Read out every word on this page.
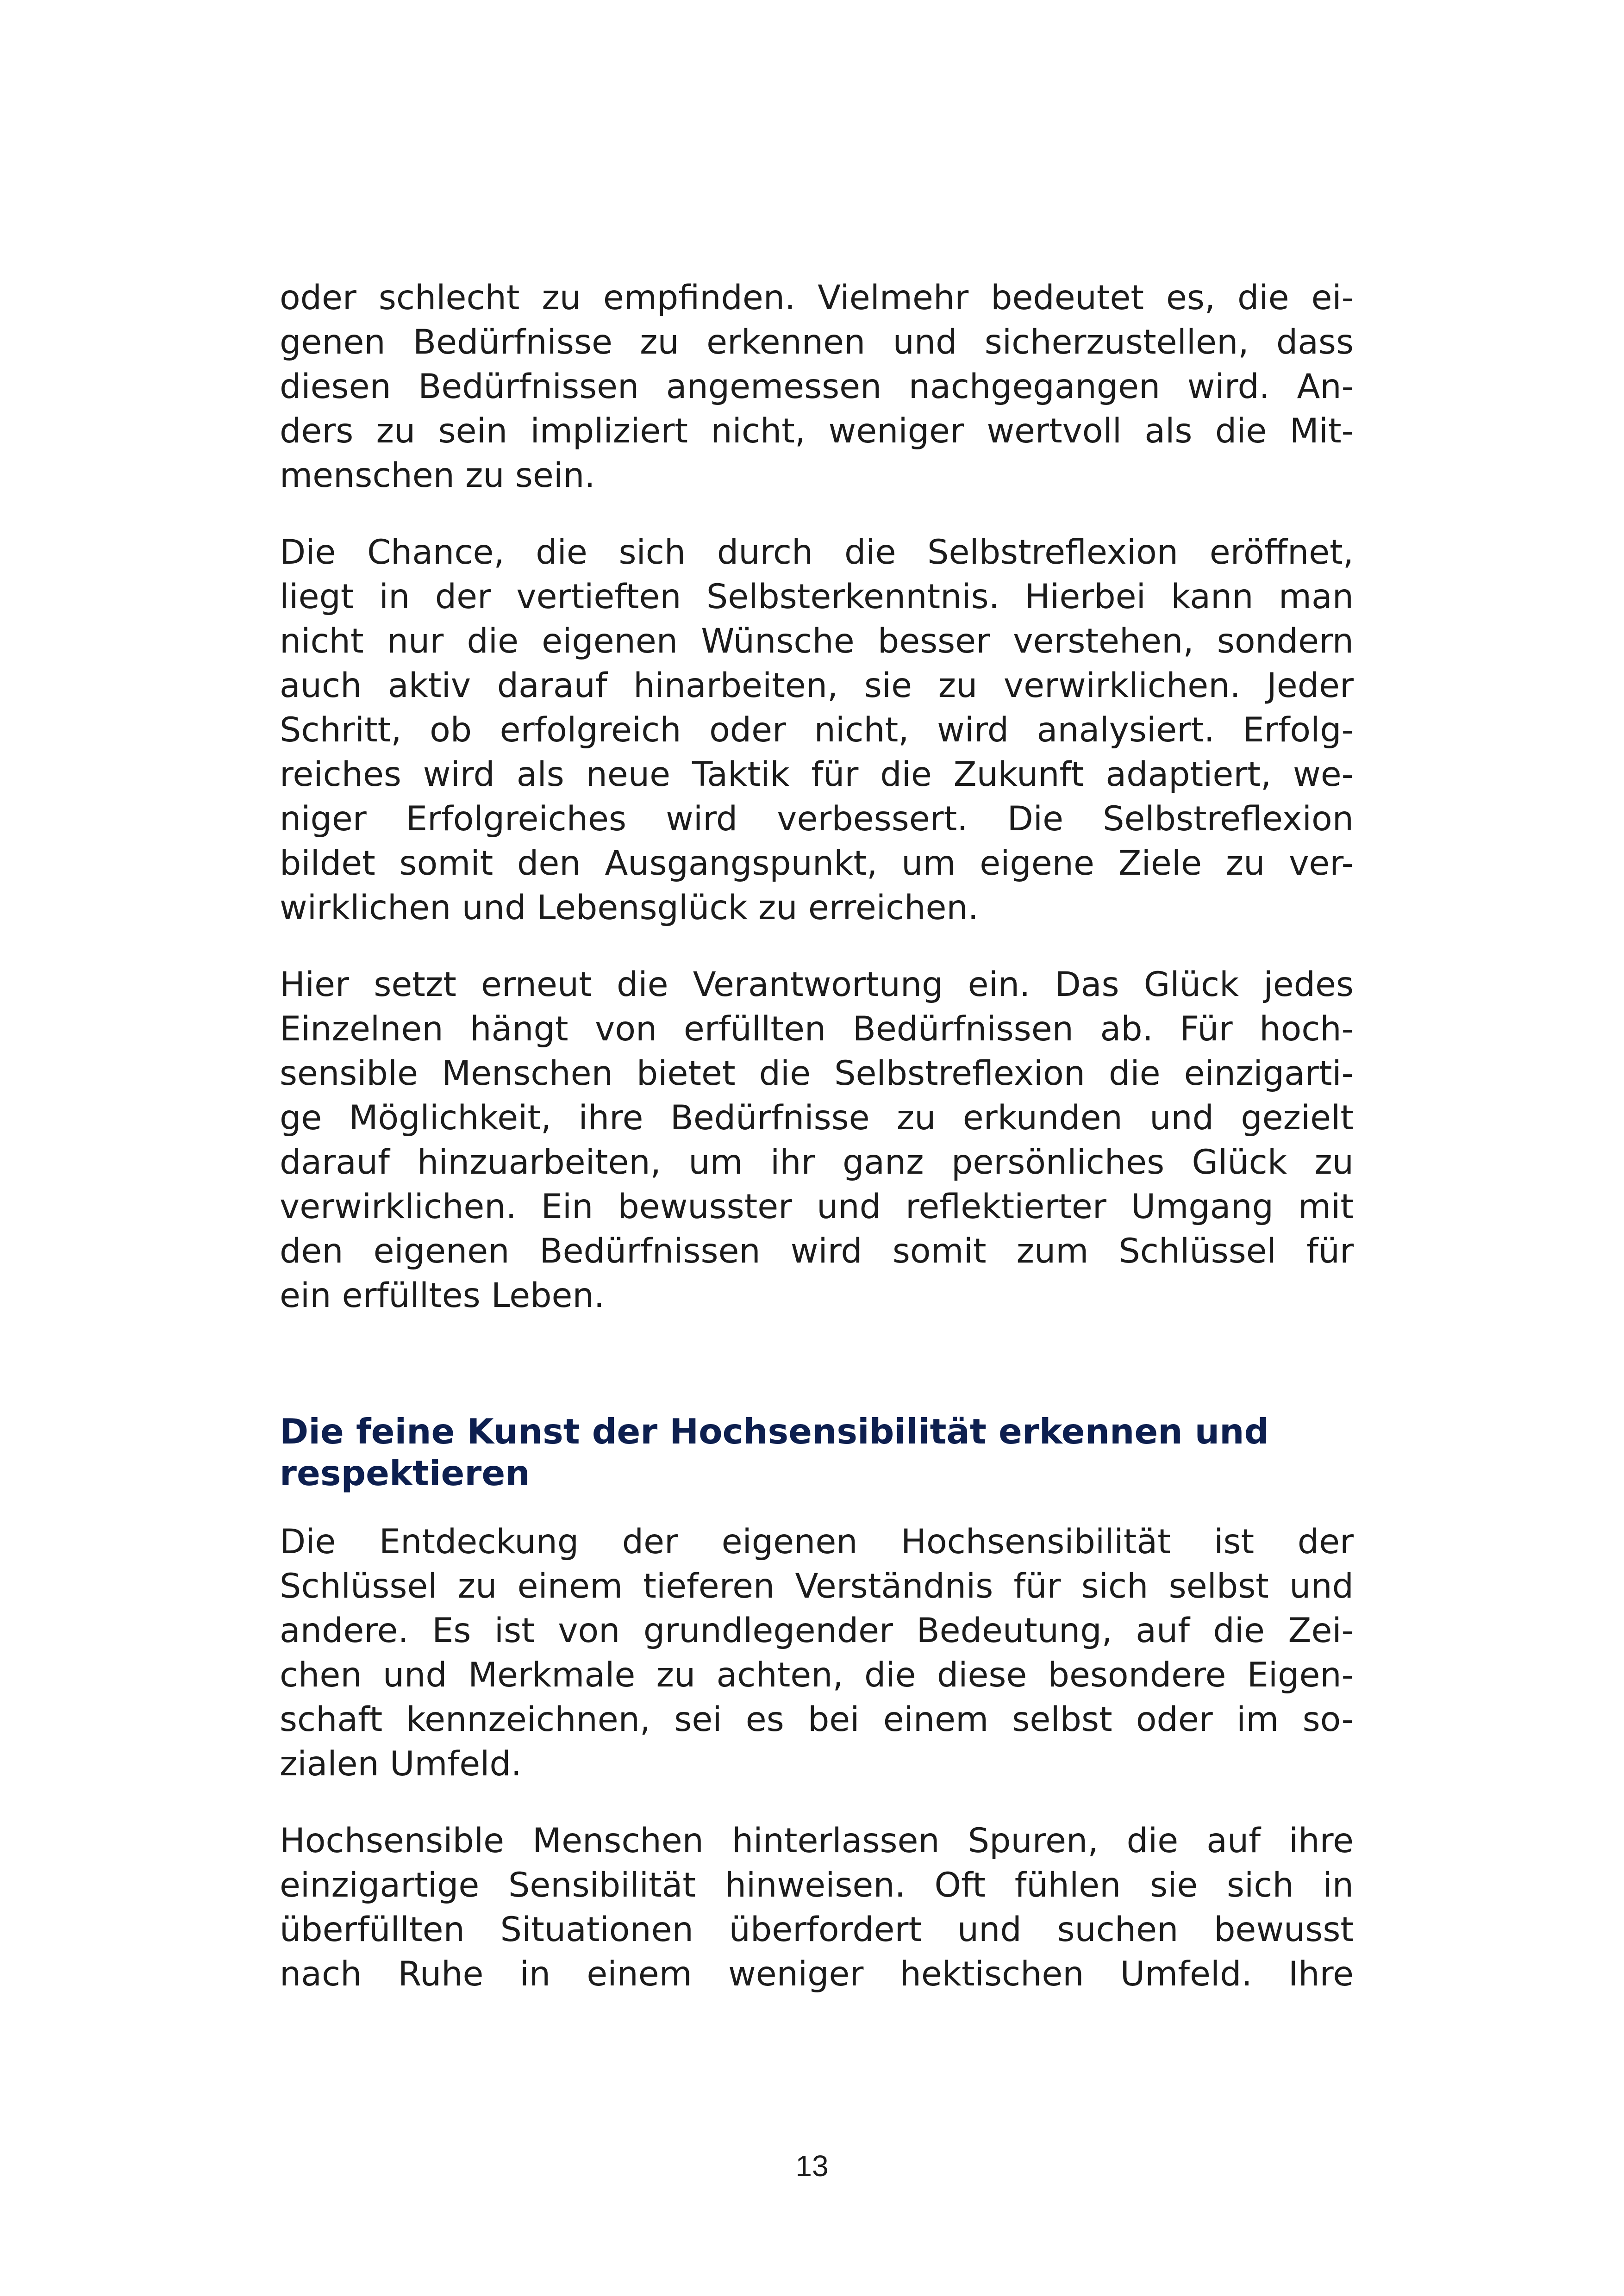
oder schlecht zu empfinden. Vielmehr bedeutet es, die ei-
genen Bedürfnisse zu erkennen und sicherzustellen, dass
diesen Bedürfnissen angemessen nachgegangen wird. An-
ders zu sein impliziert nicht, weniger wertvoll als die Mit-
menschen zu sein.
Die Chance, die sich durch die Selbstreflexion eröffnet,
liegt in der vertieften Selbsterkenntnis. Hierbei kann man
nicht nur die eigenen Wünsche besser verstehen, sondern
auch aktiv darauf hinarbeiten, sie zu verwirklichen. Jeder
Schritt, ob erfolgreich oder nicht, wird analysiert. Erfolg-
reiches wird als neue Taktik für die Zukunft adaptiert, we-
niger Erfolgreiches wird verbessert. Die Selbstreflexion
bildet somit den Ausgangspunkt, um eigene Ziele zu ver-
wirklichen und Lebensglück zu erreichen.
Hier setzt erneut die Verantwortung ein. Das Glück jedes
Einzelnen hängt von erfüllten Bedürfnissen ab. Für hoch-
sensible Menschen bietet die Selbstreflexion die einzigarti-
ge Möglichkeit, ihre Bedürfnisse zu erkunden und gezielt
darauf hinzuarbeiten, um ihr ganz persönliches Glück zu
verwirklichen. Ein bewusster und reflektierter Umgang mit
den eigenen Bedürfnissen wird somit zum Schlüssel für
ein erfülltes Leben.
Die feine Kunst der Hochsensibilität erkennen und
respektieren
Die Entdeckung der eigenen Hochsensibilität ist der
Schlüssel zu einem tieferen Verständnis für sich selbst und
andere. Es ist von grundlegender Bedeutung, auf die Zei-
chen und Merkmale zu achten, die diese besondere Eigen-
schaft kennzeichnen, sei es bei einem selbst oder im so-
zialen Umfeld.
Hochsensible Menschen hinterlassen Spuren, die auf ihre
einzigartige Sensibilität hinweisen. Oft fühlen sie sich in
überfüllten Situationen überfordert und suchen bewusst
nach Ruhe in einem weniger hektischen Umfeld. Ihre
13
